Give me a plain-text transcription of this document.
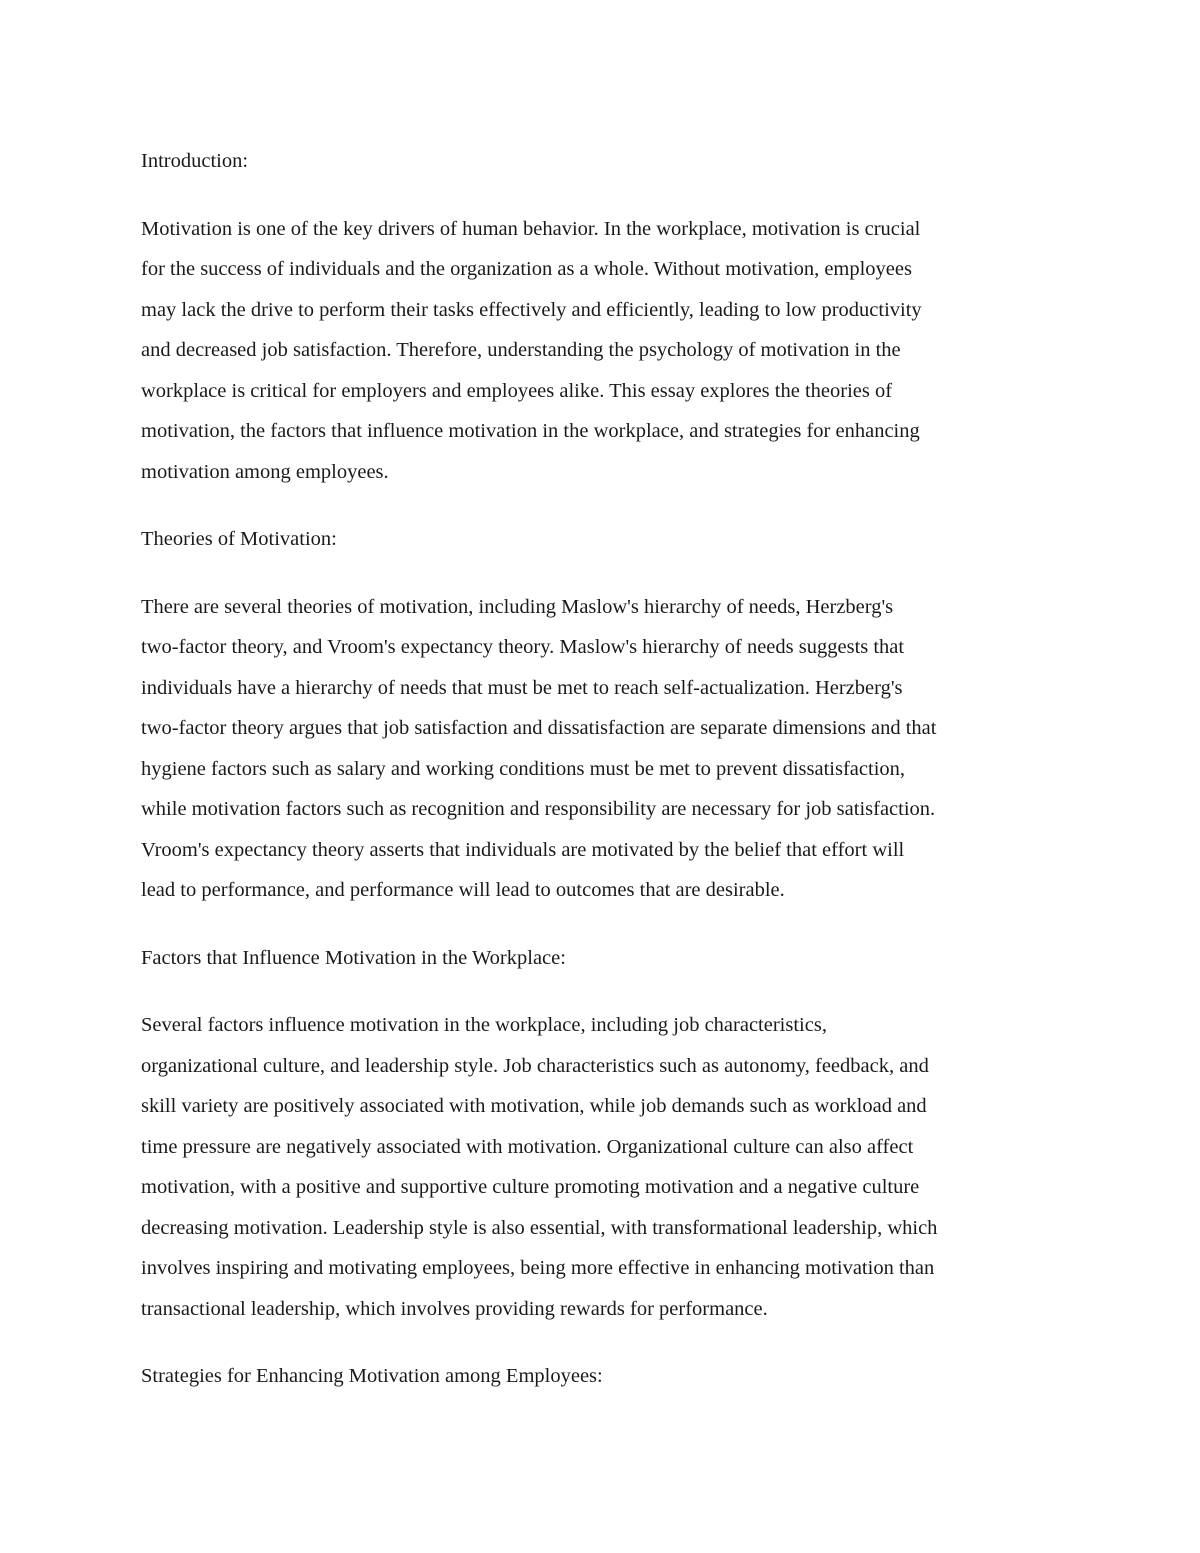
Introduction:
Motivation is one of the key drivers of human behavior. In the workplace, motivation is crucial
for the success of individuals and the organization as a whole. Without motivation, employees
may lack the drive to perform their tasks effectively and efficiently, leading to low productivity
and decreased job satisfaction. Therefore, understanding the psychology of motivation in the
workplace is critical for employers and employees alike. This essay explores the theories of
motivation, the factors that influence motivation in the workplace, and strategies for enhancing
motivation among employees.
Theories of Motivation:
There are several theories of motivation, including Maslow's hierarchy of needs, Herzberg's
two-factor theory, and Vroom's expectancy theory. Maslow's hierarchy of needs suggests that
individuals have a hierarchy of needs that must be met to reach self-actualization. Herzberg's
two-factor theory argues that job satisfaction and dissatisfaction are separate dimensions and that
hygiene factors such as salary and working conditions must be met to prevent dissatisfaction,
while motivation factors such as recognition and responsibility are necessary for job satisfaction.
Vroom's expectancy theory asserts that individuals are motivated by the belief that effort will
lead to performance, and performance will lead to outcomes that are desirable.
Factors that Influence Motivation in the Workplace:
Several factors influence motivation in the workplace, including job characteristics,
organizational culture, and leadership style. Job characteristics such as autonomy, feedback, and
skill variety are positively associated with motivation, while job demands such as workload and
time pressure are negatively associated with motivation. Organizational culture can also affect
motivation, with a positive and supportive culture promoting motivation and a negative culture
decreasing motivation. Leadership style is also essential, with transformational leadership, which
involves inspiring and motivating employees, being more effective in enhancing motivation than
transactional leadership, which involves providing rewards for performance.
Strategies for Enhancing Motivation among Employees:
